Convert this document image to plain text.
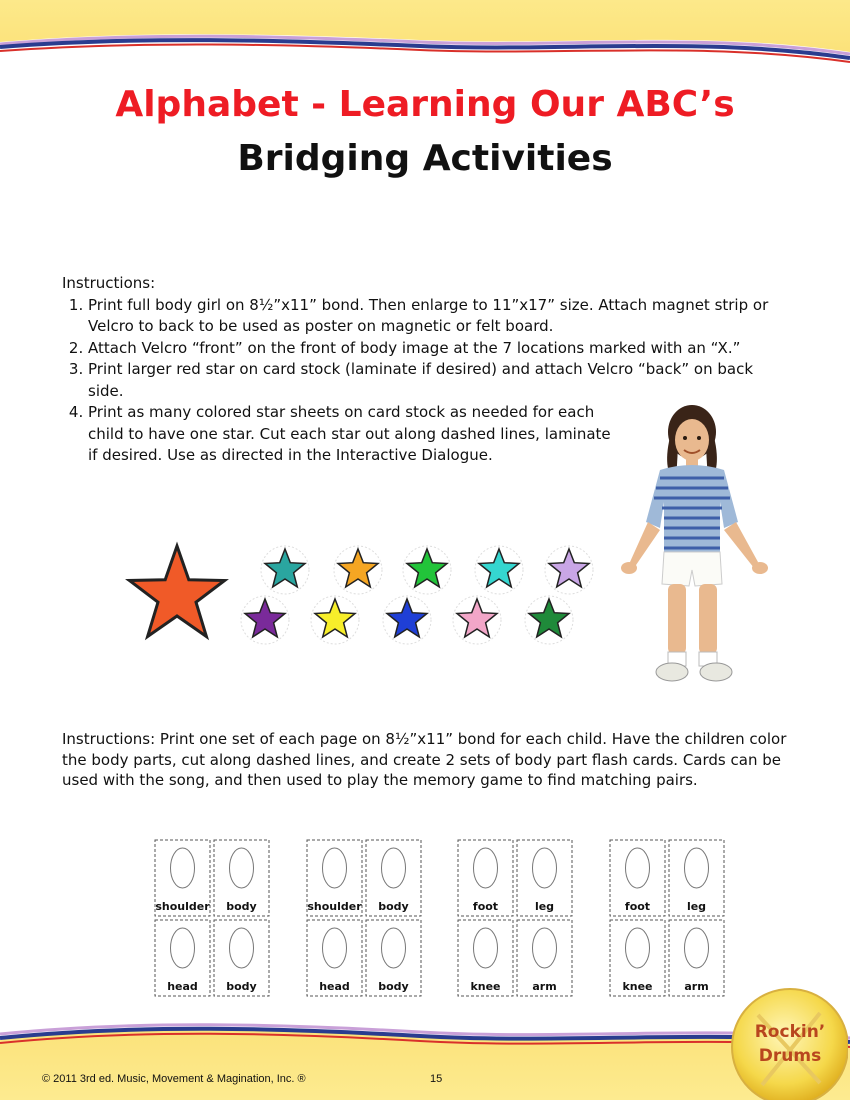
Alphabet - Learning Our ABC’s
Bridging Activities
Instructions:
1. Print full body girl on 8½”x11” bond. Then enlarge to 11”x17” size. Attach magnet strip or Velcro to back to be used as poster on magnetic or felt board.
2. Attach Velcro “front” on the front of body image at the 7 locations marked with an “X.”
3. Print larger red star on card stock (laminate if desired) and attach Velcro “back” on back side.
4. Print as many colored star sheets on card stock as needed for each child to have one star. Cut each star out along dashed lines, laminate if desired. Use as directed in the Interactive Dialogue.
Instructions: Print one set of each page on 8½”x11” bond for each child. Have the children color the body parts, cut along dashed lines, and create 2 sets of body part flash cards. Cards can be used with the song, and then used to play the memory game to find matching pairs.
shoulder body
head	body
shoulder body
head	body
foot	leg
knee	arm
foot	leg
knee	arm
© 2011 3rd ed. Music, Movement & Magination, Inc. ®	15
Rockin’
Drums
